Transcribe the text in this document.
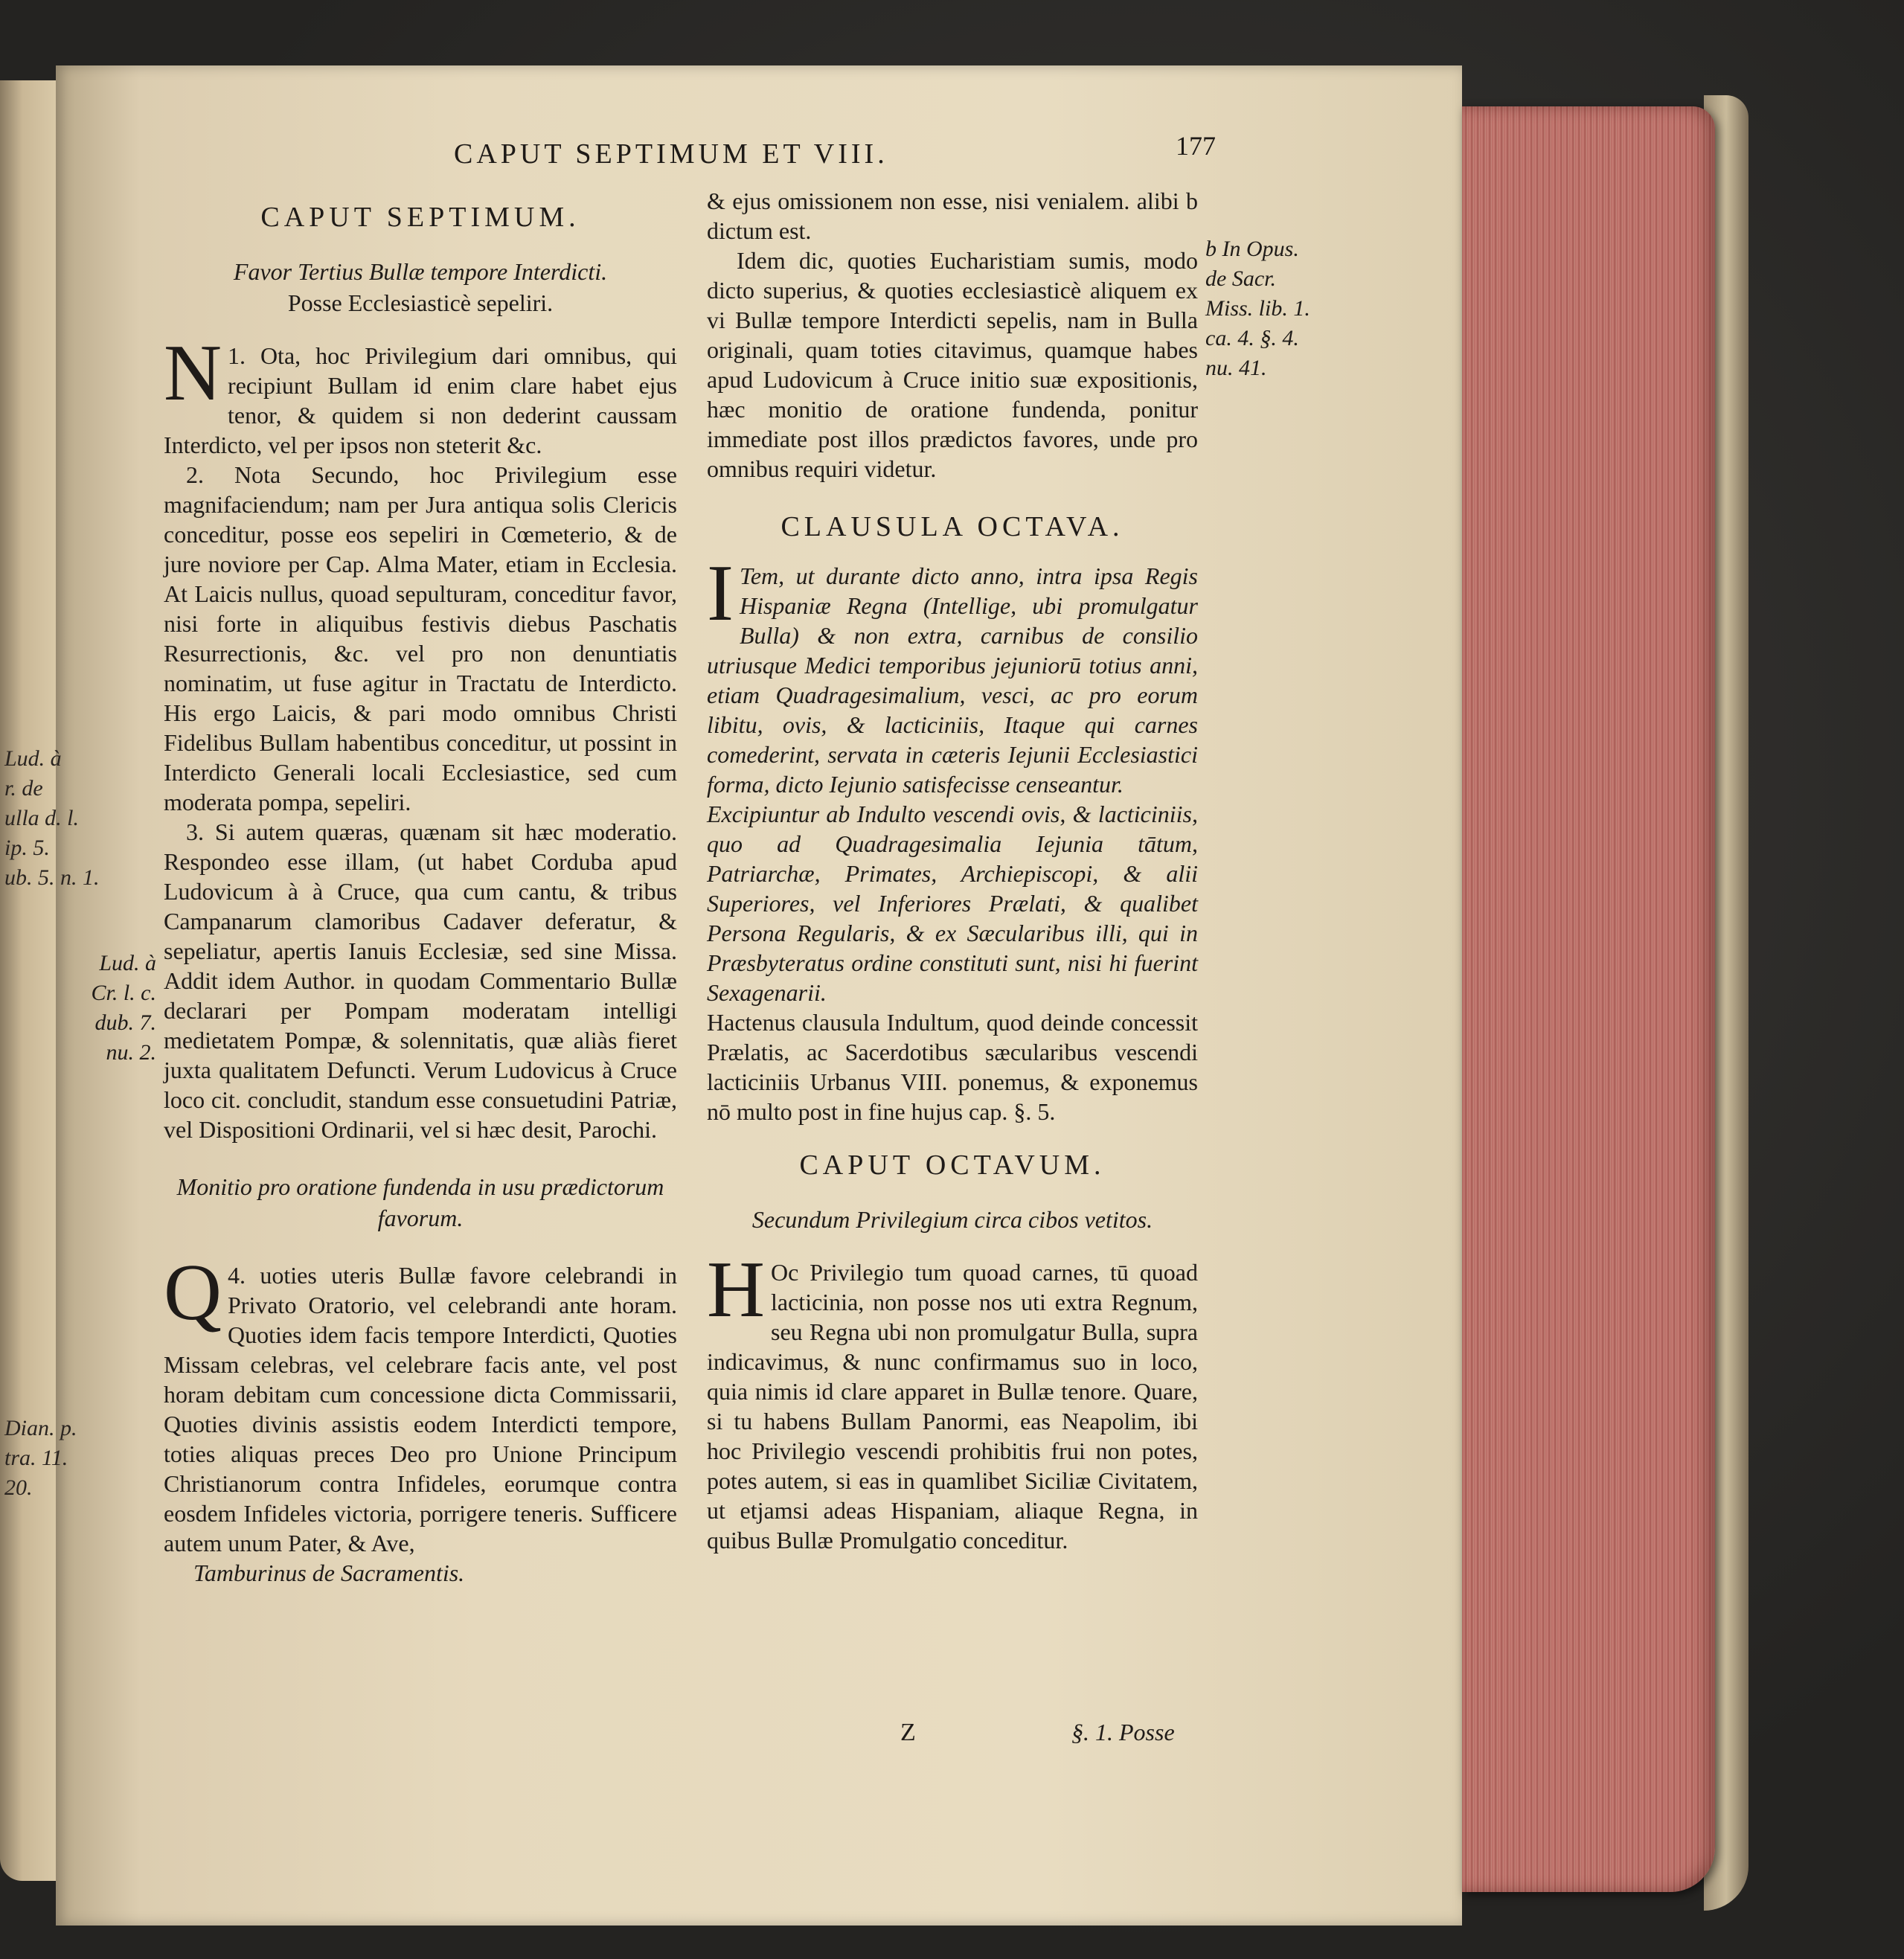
Lud. à
r. de
ulla d. l.
ip. 5.
ub. 5. n. 1.
Dian. p.
tra. 11.
20.
CAPUT SEPTIMUM ET VIII.	177
Lud. à
Cr. l. c.
dub. 7.
nu. 2.
CAPUT SEPTIMUM.
Favor Tertius Bullæ tempore Interdicti.
Posse Ecclesiasticè sepeliri.
1.
N Ota, hoc Privilegium dari omnibus, qui recipiunt Bullam id enim clare habet ejus tenor, & quidem si non dederint caussam Interdicto, vel per ipsos non steterit &c.
2. Nota Secundo, hoc Privilegium esse magnifaciendum; nam per Jura antiqua solis Clericis conceditur, posse eos sepeliri in Cœmeterio, & de jure noviore per Cap. Alma Mater, etiam in Ecclesia. At Laicis nullus, quoad sepulturam, conceditur favor, nisi forte in aliquibus festivis diebus Paschatis Resurrectionis, &c. vel pro non denuntiatis nominatim, ut fuse agitur in Tractatu de Interdicto. His ergo Laicis, & pari modo omnibus Christi Fidelibus Bullam habentibus conceditur, ut possint in Interdicto Generali locali Ecclesiastice, sed cum moderata pompa, sepeliri.
3. Si autem quæras, quænam sit hæc moderatio. Respondeo esse illam, (ut habet Corduba apud Ludovicum à à Cruce, qua cum cantu, & tribus Campanarum clamoribus Cadaver deferatur, & sepeliatur, apertis Ianuis Ecclesiæ, sed sine Missa. Addit idem Author. in quodam Commentario Bullæ declarari per Pompam moderatam intelligi medietatem Pompæ, & solennitatis, quæ aliàs fieret juxta qualitatem Defuncti. Verum Ludovicus à Cruce loco cit. concludit, standum esse consuetudini Patriæ, vel Dispositioni Ordinarii, vel si hæc desit, Parochi.
Monitio pro oratione fundenda in usu prædictorum favorum.
4.
Q uoties uteris Bullæ favore celebrandi in Privato Oratorio, vel celebrandi ante horam. Quoties idem facis tempore Interdicti, Quoties Missam celebras, vel celebrare facis ante, vel post horam debitam cum concessione dicta Commissarii, Quoties divinis assistis eodem Interdicti tempore, toties aliquas preces Deo pro Unione Principum Christianorum contra Infideles, eorumque contra eosdem Infideles victoria, porrigere teneris. Sufficere autem unum Pater, & Ave,
Tamburinus de Sacramentis.
& ejus omissionem non esse, nisi venialem. alibi b dictum est.
Idem dic, quoties Eucharistiam sumis, modo dicto superius, & quoties ecclesiasticè aliquem ex vi Bullæ tempore Interdicti sepelis, nam in Bulla originali, quam toties citavimus, quamque habes apud Ludovicum à Cruce initio suæ expositionis, hæc monitio de oratione fundenda, ponitur immediate post illos prædictos favores, unde pro omnibus requiri videtur.
CLAUSULA OCTAVA.
I Tem, ut durante dicto anno, intra ipsa Regis Hispaniæ Regna (Intellige, ubi promulgatur Bulla) & non extra, carnibus de consilio utriusque Medici temporibus jejuniorū totius anni, etiam Quadragesimalium, vesci, ac pro eorum libitu, ovis, & lacticiniis, Itaque qui carnes comederint, servata in cæteris Iejunii Ecclesiastici forma, dicto Iejunio satisfecisse censeantur.
Excipiuntur ab Indulto vescendi ovis, & lacticiniis, quo ad Quadragesimalia Iejunia tātum, Patriarchæ, Primates, Archiepiscopi, & alii Superiores, vel Inferiores Prælati, & qualibet Persona Regularis, & ex Sæcularibus illi, qui in Præsbyteratus ordine constituti sunt, nisi hi fuerint Sexagenarii.
Hactenus clausula Indultum, quod deinde concessit Prælatis, ac Sacerdotibus sæcularibus vescendi lacticiniis Urbanus VIII. ponemus, & exponemus nō multo post in fine hujus cap. §. 5.
CAPUT OCTAVUM.
Secundum Privilegium circa cibos vetitos.
H Oc Privilegio tum quoad carnes, tū quoad lacticinia, non posse nos uti extra Regnum, seu Regna ubi non promulgatur Bulla, supra indicavimus, & nunc confirmamus suo in loco, quia nimis id clare apparet in Bullæ tenore. Quare, si tu habens Bullam Panormi, eas Neapolim, ibi hoc Privilegio vescendi prohibitis frui non potes, potes autem, si eas in quamlibet Siciliæ Civitatem, ut etjamsi adeas Hispaniam, aliaque Regna, in quibus Bullæ Promulgatio conceditur.
b In Opus.
de Sacr.
Miss. lib. 1.
ca. 4. §. 4.
nu. 41.
Z	§. 1. Posse
